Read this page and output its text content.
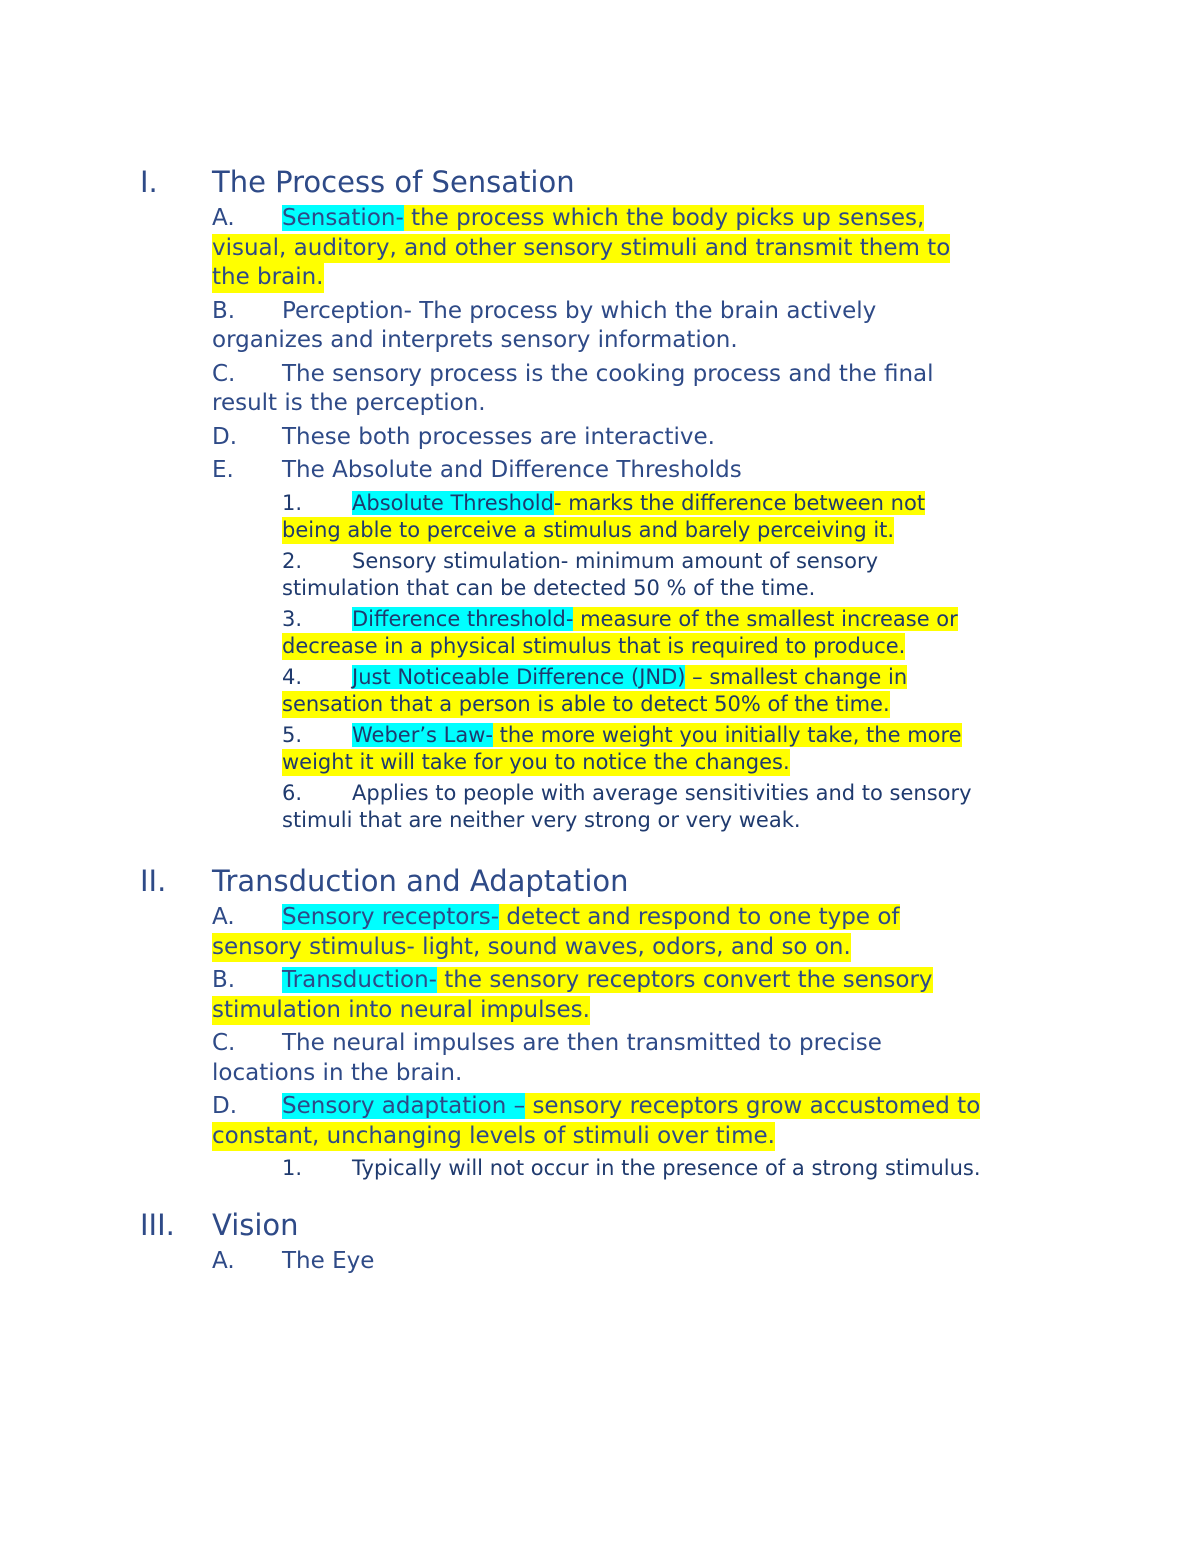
I. The Process of Sensation
A. Sensation- the process which the body picks up senses,
visual, auditory, and other sensory stimuli and transmit them to
the brain.
B. Perception- The process by which the brain actively
organizes and interprets sensory information.
C. The sensory process is the cooking process and the final
result is the perception.
D. These both processes are interactive.
E. The Absolute and Difference Thresholds
1. Absolute Threshold- marks the difference between not
being able to perceive a stimulus and barely perceiving it.
2. Sensory stimulation- minimum amount of sensory
stimulation that can be detected 50 % of the time.
3. Difference threshold- measure of the smallest increase or
decrease in a physical stimulus that is required to produce.
4. Just Noticeable Difference (JND) – smallest change in
sensation that a person is able to detect 50% of the time.
5. Weber’s Law- the more weight you initially take, the more
weight it will take for you to notice the changes.
6. Applies to people with average sensitivities and to sensory
stimuli that are neither very strong or very weak.
II. Transduction and Adaptation
A. Sensory receptors- detect and respond to one type of
sensory stimulus- light, sound waves, odors, and so on.
B. Transduction- the sensory receptors convert the sensory
stimulation into neural impulses.
C. The neural impulses are then transmitted to precise
locations in the brain.
D. Sensory adaptation – sensory receptors grow accustomed to
constant, unchanging levels of stimuli over time.
1. Typically will not occur in the presence of a strong stimulus.
III. Vision
A. The Eye
